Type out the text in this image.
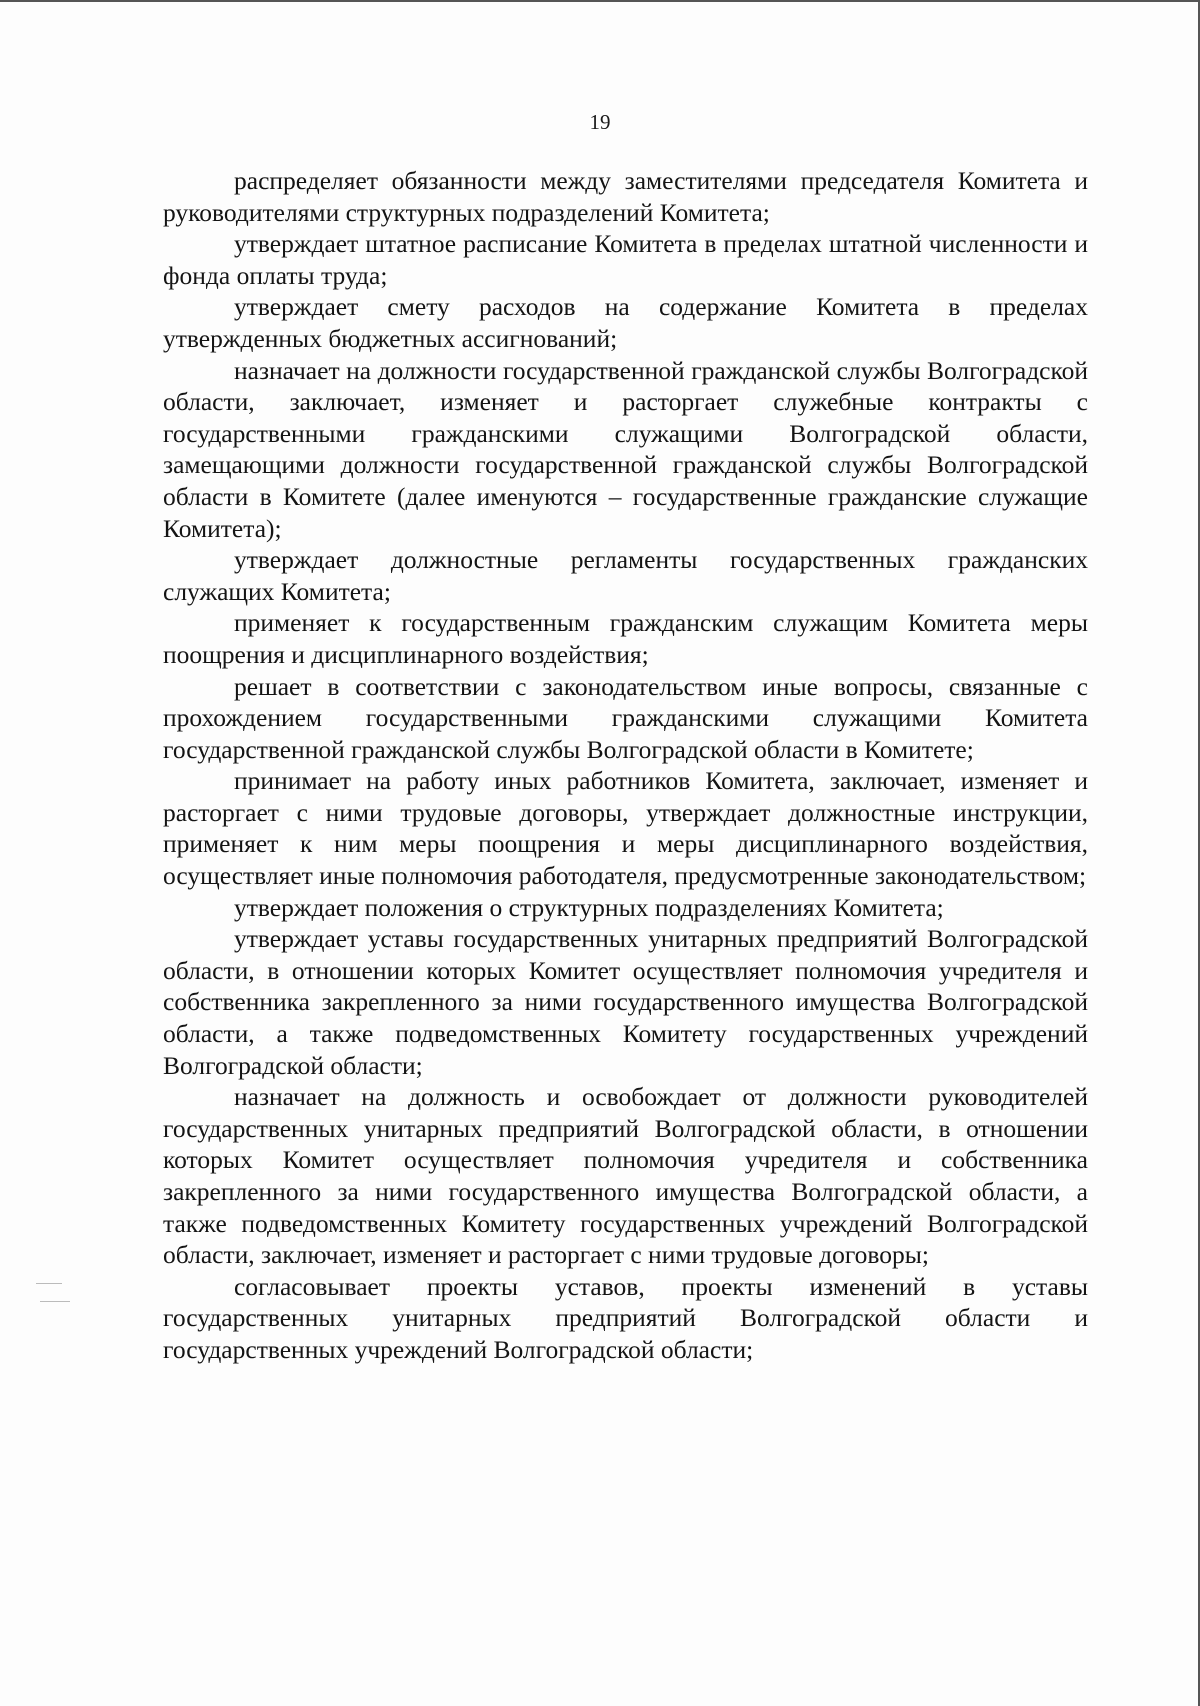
19

распределяет обязанности между заместителями председателя Комитета и руководителями структурных подразделений Комитета;

утверждает штатное расписание Комитета в пределах штатной численности и фонда оплаты труда;

утверждает смету расходов на содержание Комитета в пределах утвержденных бюджетных ассигнований;

назначает на должности государственной гражданской службы Волгоградской области, заключает, изменяет и расторгает служебные контракты с государственными гражданскими служащими Волгоградской области, замещающими должности государственной гражданской службы Волгоградской области в Комитете (далее именуются – государственные гражданские служащие Комитета);

утверждает должностные регламенты государственных гражданских служащих Комитета;

применяет к государственным гражданским служащим Комитета меры поощрения и дисциплинарного воздействия;

решает в соответствии с законодательством иные вопросы, связанные с прохождением государственными гражданскими служащими Комитета государственной гражданской службы Волгоградской области в Комитете;

принимает на работу иных работников Комитета, заключает, изменяет и расторгает с ними трудовые договоры, утверждает должностные инструкции, применяет к ним меры поощрения и меры дисциплинарного воздействия, осуществляет иные полномочия работодателя, предусмотренные законодательством;

утверждает положения о структурных подразделениях Комитета;

утверждает уставы государственных унитарных предприятий Волгоградской области, в отношении которых Комитет осуществляет полномочия учредителя и собственника закрепленного за ними государственного имущества Волгоградской области, а также подведомственных Комитету государственных учреждений Волгоградской области;

назначает на должность и освобождает от должности руководителей государственных унитарных предприятий Волгоградской области, в отношении которых Комитет осуществляет полномочия учредителя и собственника закрепленного за ними государственного имущества Волгоградской области, а также подведомственных Комитету государственных учреждений Волгоградской области, заключает, изменяет и расторгает с ними трудовые договоры;

согласовывает проекты уставов, проекты изменений в уставы государственных унитарных предприятий Волгоградской области и государственных учреждений Волгоградской области;
